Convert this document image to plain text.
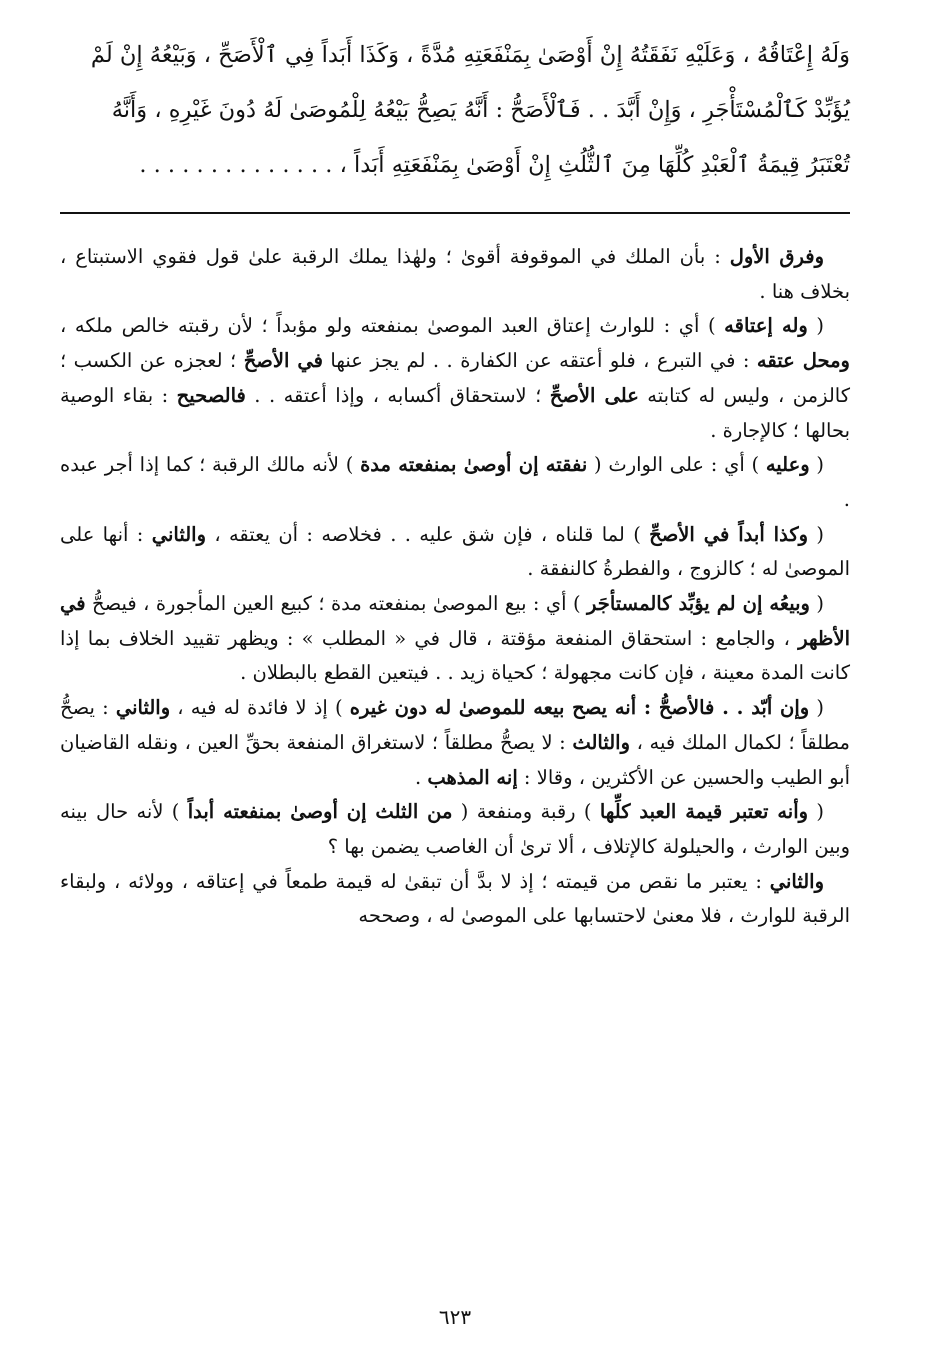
وَلَهُ إِعْتَاقُهُ ، وَعَلَيْهِ نَفَقَتُهُ إِنْ أَوْصَىٰ بِمَنْفَعَتِهِ مُدَّةً ، وَكَذَا أَبَداً فِي ٱلْأَصَحِّ ، وَبَيْعُهُ إِنْ لَمْ

يُؤَبِّدْ كَٱلْمُسْتَأْجَرِ ، وَإِنْ أَبَّدَ . . فَٱلْأَصَحُّ : أَنَّهُ يَصِحُّ بَيْعُهُ لِلْمُوصَىٰ لَهُ دُونَ غَيْرِهِ ، وَأَنَّهُ

تُعْتَبَرُ قِيمَةُ ٱلْعَبْدِ كُلِّهَا مِنَ ٱلثُّلُثِ إِنْ أَوْصَىٰ بِمَنْفَعَتِهِ أَبَداً ، . . . . . . . . . . . . . .

وفرق الأول : بأن الملك في الموقوفة أقوىٰ ؛ ولهٰذا يملك الرقبة علىٰ قول فقوي الاستبتاع ، بخلاف هنا .

( وله إعتاقه ) أي : للوارث إعتاق العبد الموصىٰ بمنفعته ولو مؤبداً ؛ لأن رقبته خالص ملكه ، ومحل عتقه : في التبرع ، فلو أعتقه عن الكفارة . . لم يجز عنها في الأصحِّ ؛ لعجزه عن الكسب ؛ كالزمن ، وليس له كتابته على الأصحِّ ؛ لاستحقاق أكسابه ، وإذا أعتقه . . فالصحيح : بقاء الوصية بحالها ؛ كالإجارة .

( وعليه ) أي : على الوارث ( نفقته إن أوصىٰ بمنفعته مدة ) لأنه مالك الرقبة ؛ كما إذا أجر عبده .

( وكذا أبداً في الأصحِّ ) لما قلناه ، فإن شق عليه . . فخلاصه : أن يعتقه ، والثاني : أنها على الموصىٰ له ؛ كالزوج ، والفطرةُ كالنفقة .

( وبيعُه إن لم يؤبِّد كالمستأجَر ) أي : بيع الموصىٰ بمنفعته مدة ؛ كبيع العين المأجورة ، فيصحُّ في الأظهر ، والجامع : استحقاق المنفعة مؤقتة ، قال في « المطلب » : ويظهر تقييد الخلاف بما إذا كانت المدة معينة ، فإن كانت مجهولة ؛ كحياة زيد . . فيتعين القطع بالبطلان .

( وإن أبّد . . فالأصحُّ : أنه يصح بيعه للموصىٰ له دون غيره ) إذ لا فائدة له فيه ، والثاني : يصحُّ مطلقاً ؛ لكمال الملك فيه ، والثالث : لا يصحُّ مطلقاً ؛ لاستغراق المنفعة بحقِّ العين ، ونقله القاضيان أبو الطيب والحسين عن الأكثرين ، وقالا : إنه المذهب .

( وأنه تعتبر قيمة العبد كلِّها ) رقبة ومنفعة ( من الثلث إن أوصىٰ بمنفعته أبداً ) لأنه حال بينه وبين الوارث ، والحيلولة كالإتلاف ، ألا ترىٰ أن الغاصب يضمن بها ؟

والثاني : يعتبر ما نقص من قيمته ؛ إذ لا بدَّ أن تبقىٰ له قيمة طمعاً في إعتاقه ، وولائه ، ولبقاء الرقبة للوارث ، فلا معنىٰ لاحتسابها على الموصىٰ له ، وصححه

٦٢٣
